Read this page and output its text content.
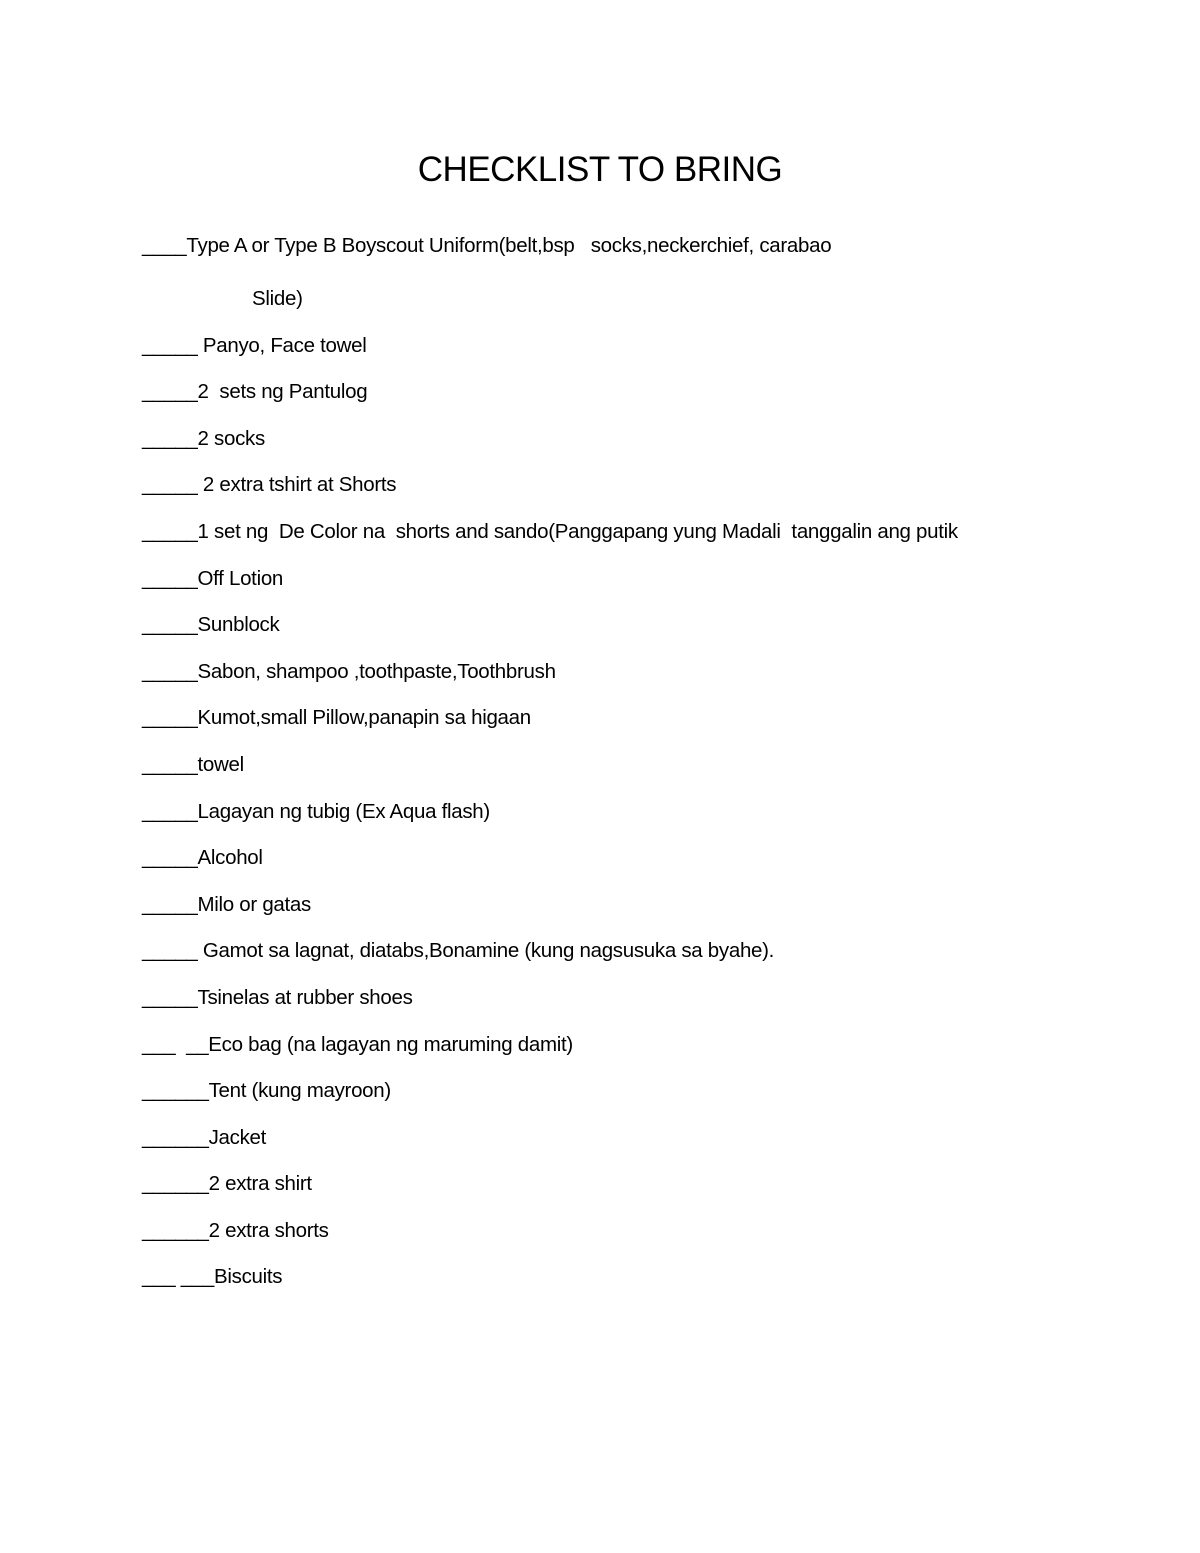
CHECKLIST TO BRING
____Type A or Type B Boyscout Uniform(belt,bsp   socks,neckerchief, carabao
Slide)
_____ Panyo, Face towel
_____2  sets ng Pantulog
_____2 socks
_____ 2 extra tshirt at Shorts
_____1 set ng  De Color na  shorts and sando(Panggapang yung Madali  tanggalin ang putik
_____Off Lotion
_____Sunblock
_____Sabon, shampoo ,toothpaste,Toothbrush
_____Kumot,small Pillow,panapin sa higaan
_____towel
_____Lagayan ng tubig (Ex Aqua flash)
_____Alcohol
_____Milo or gatas
_____ Gamot sa lagnat, diatabs,Bonamine (kung nagsusuka sa byahe).
_____Tsinelas at rubber shoes
___  __Eco bag (na lagayan ng maruming damit)
______Tent (kung mayroon)
______Jacket
______2 extra shirt
______2 extra shorts
___ ___Biscuits
